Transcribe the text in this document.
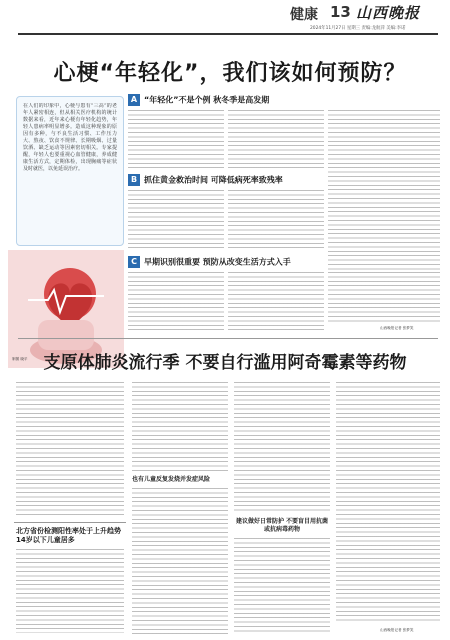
健康 13 山西晚报
2024年11月27日 星期三 责编:龙航萍 美编:李诺
心梗“年轻化”，我们该如何预防？
在人们的印象中，心梗与患有“三高”的老年人紧密相连，但从相关医疗机构的统计数据来看，近年来心梗有年轻化趋势，年轻人患病率明显增多。造成这种现象的原因有多种，与不良生活习惯、工作压力大、熬夜、饮食不规律、长期吸烟、过量饮酒、缺乏运动等因素密切相关。专家提醒，年轻人也要重视心血管健康，养成健康生活方式，定期体检，出现胸痛等症状及时就医，以免延误治疗。
制图 晓平
A “年轻化”不是个例 秋冬季是高发期
B 抓住黄金救治时间 可降低病死率致残率
C 早期识别很重要 预防从改变生活方式入手
山西晚报记者 张梦笑
支原体肺炎流行季 不要自行滥用阿奇霉素等药物
北方省份检测阳性率处于上升趋势 14岁以下儿童居多
也有儿童反复发烧并发症风险
建议做好日常防护 不要盲目用抗菌或抗病毒药物
山西晚报记者 张梦笑
